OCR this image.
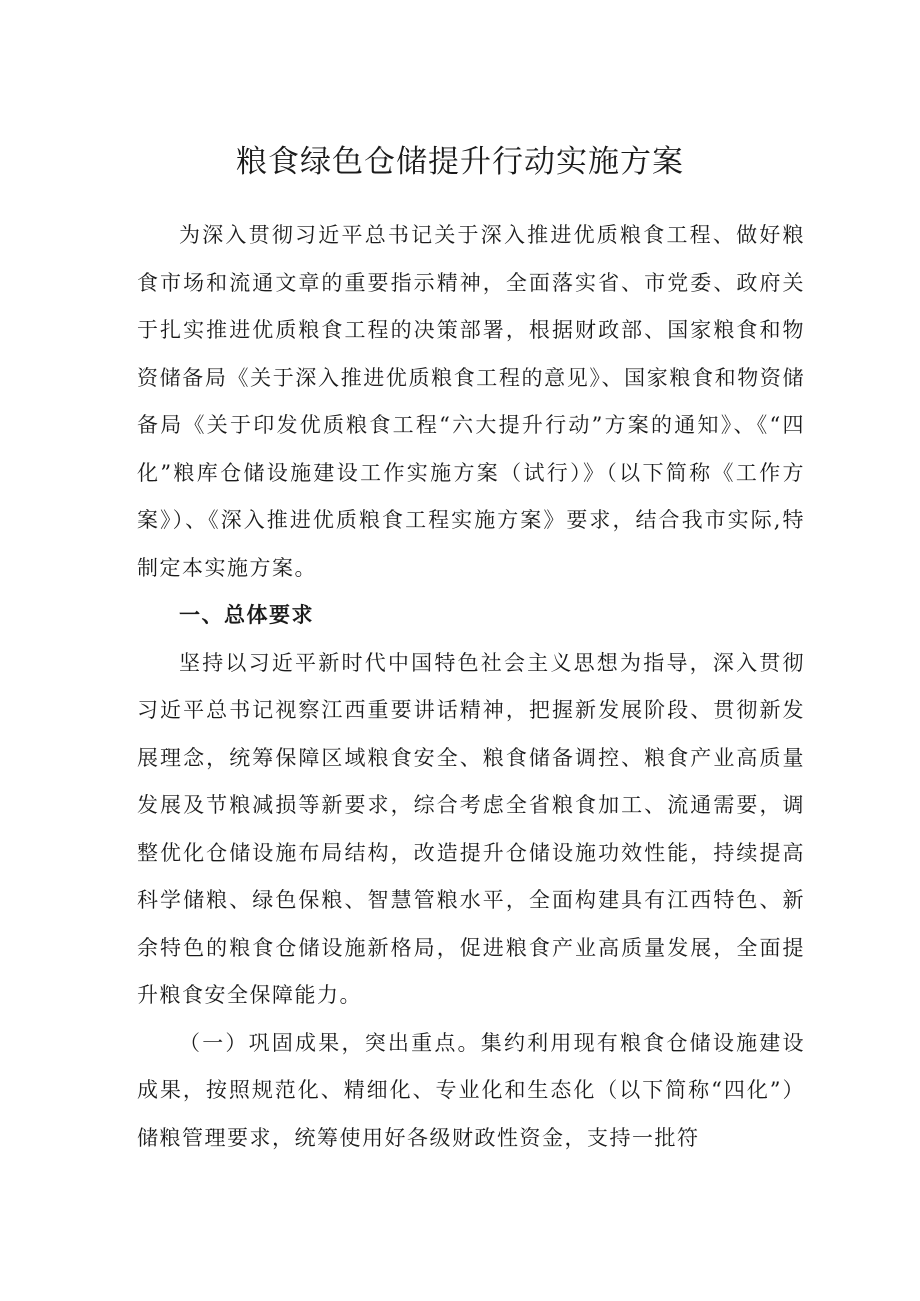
粮食绿色仓储提升行动实施方案

为深入贯彻习近平总书记关于深入推进优质粮食工程、做好粮食市场和流通文章的重要指示精神，全面落实省、市党委、政府关于扎实推进优质粮食工程的决策部署，根据财政部、国家粮食和物资储备局《关于深入推进优质粮食工程的意见》、国家粮食和物资储备局《关于印发优质粮食工程“六大提升行动”方案的通知》、《“四化”粮库仓储设施建设工作实施方案（试行）》（以下简称《工作方案》）、《深入推进优质粮食工程实施方案》要求，结合我市实际,特制定本实施方案。

一、总体要求

坚持以习近平新时代中国特色社会主义思想为指导，深入贯彻习近平总书记视察江西重要讲话精神，把握新发展阶段、贯彻新发展理念，统筹保障区域粮食安全、粮食储备调控、粮食产业高质量发展及节粮减损等新要求，综合考虑全省粮食加工、流通需要，调整优化仓储设施布局结构，改造提升仓储设施功效性能，持续提高科学储粮、绿色保粮、智慧管粮水平，全面构建具有江西特色、新余特色的粮食仓储设施新格局，促进粮食产业高质量发展，全面提升粮食安全保障能力。

（一）巩固成果，突出重点。集约利用现有粮食仓储设施建设成果，按照规范化、精细化、专业化和生态化（以下简称“四化”）储粮管理要求，统筹使用好各级财政性资金，支持一批符
